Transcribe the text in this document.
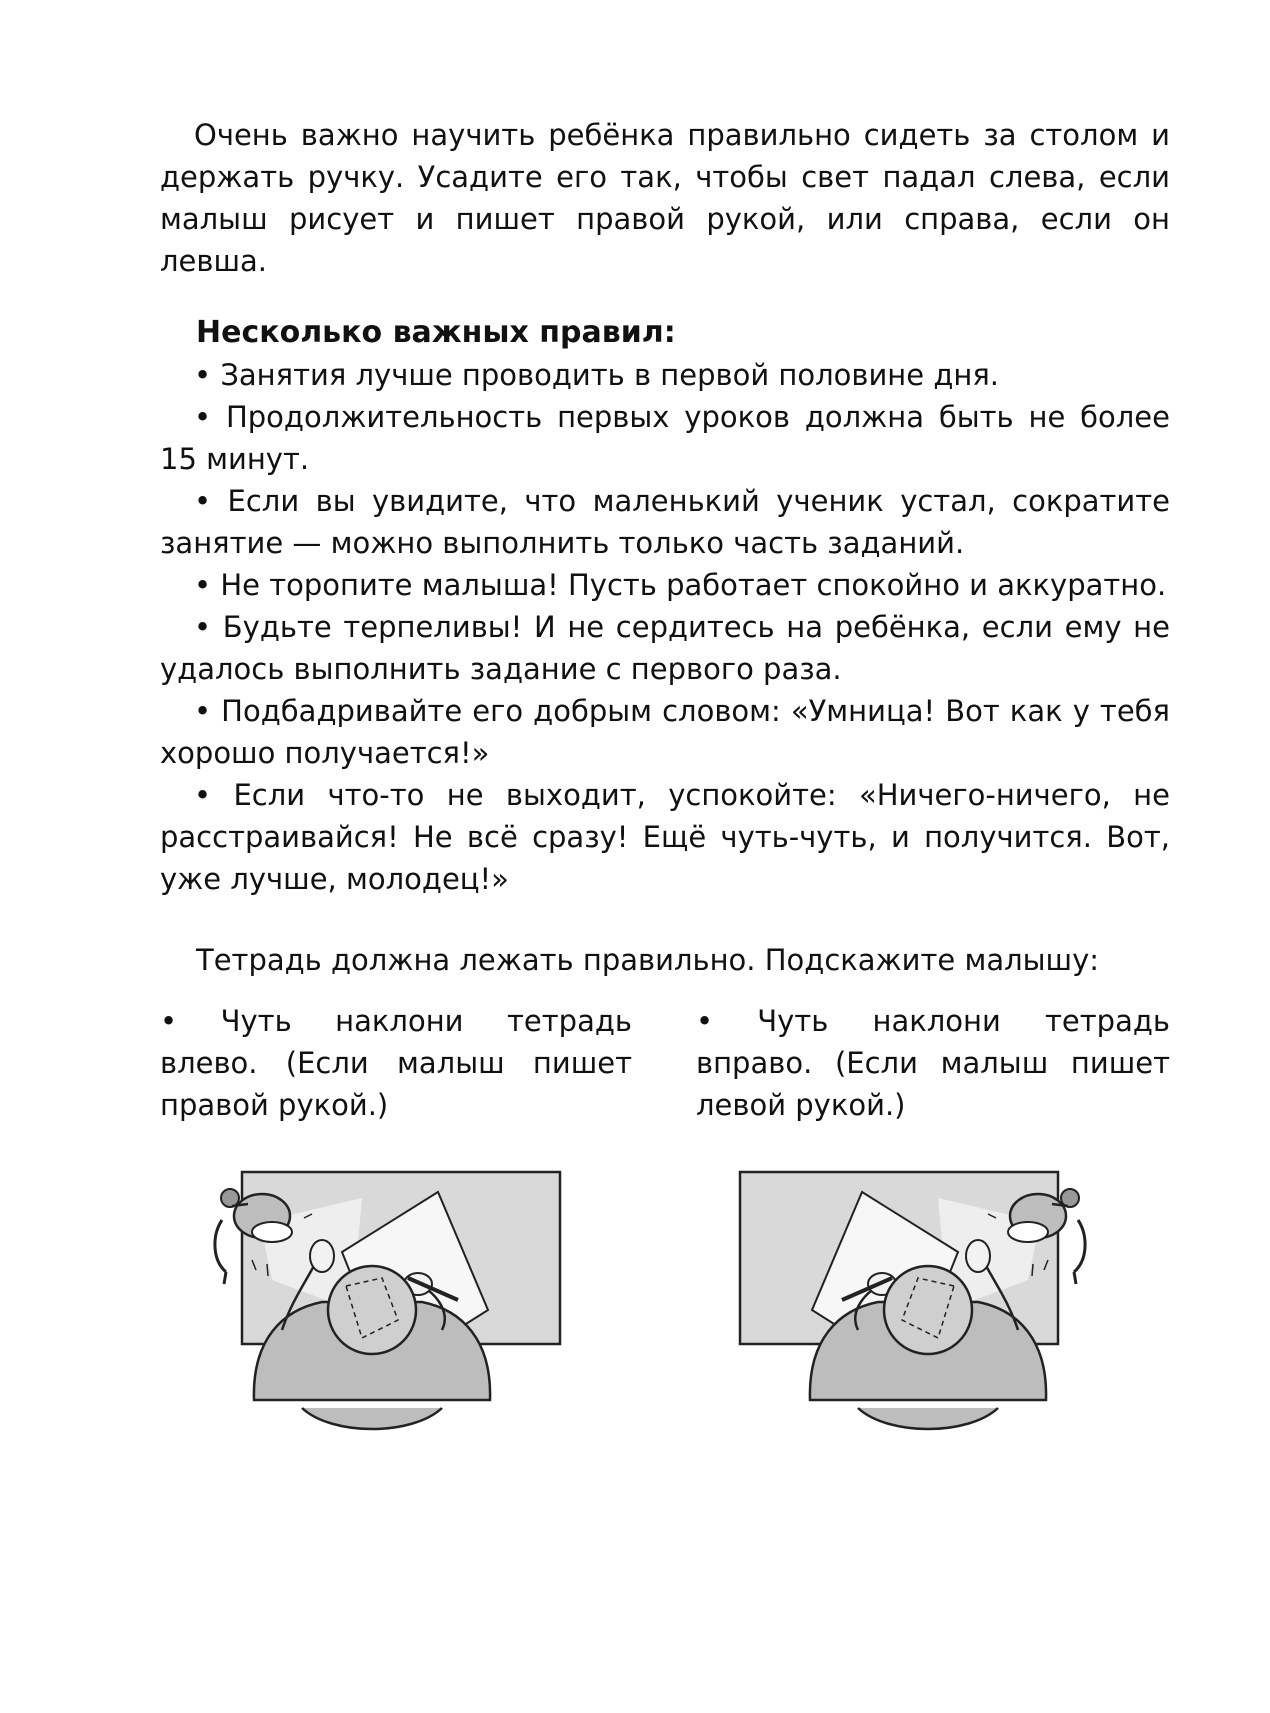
Очень важно научить ребёнка правильно сидеть за столом и держать ручку. Усадите его так, чтобы свет падал слева, если малыш рисует и пишет правой рукой, или справа, если он левша.

Несколько важных правил:

• Занятия лучше проводить в первой половине дня.

• Продолжительность первых уроков должна быть не более 15 минут.

• Если вы увидите, что маленький ученик устал, сократите занятие — можно выполнить только часть заданий.

• Не торопите малыша! Пусть работает спокойно и аккуратно.

• Будьте терпеливы! И не сердитесь на ребёнка, если ему не удалось выполнить задание с первого раза.

• Подбадривайте его добрым словом: «Умница! Вот как у тебя хорошо получается!»

• Если что-то не выходит, успокойте: «Ничего-ничего, не расстраивайся! Не всё сразу! Ещё чуть-чуть, и получится. Вот, уже лучше, молодец!»

Тетрадь должна лежать правильно. Подскажите малышу:

• Чуть наклони тетрадь влево. (Если малыш пишет правой рукой.)

• Чуть наклони тетрадь вправо. (Если малыш пишет левой рукой.)
